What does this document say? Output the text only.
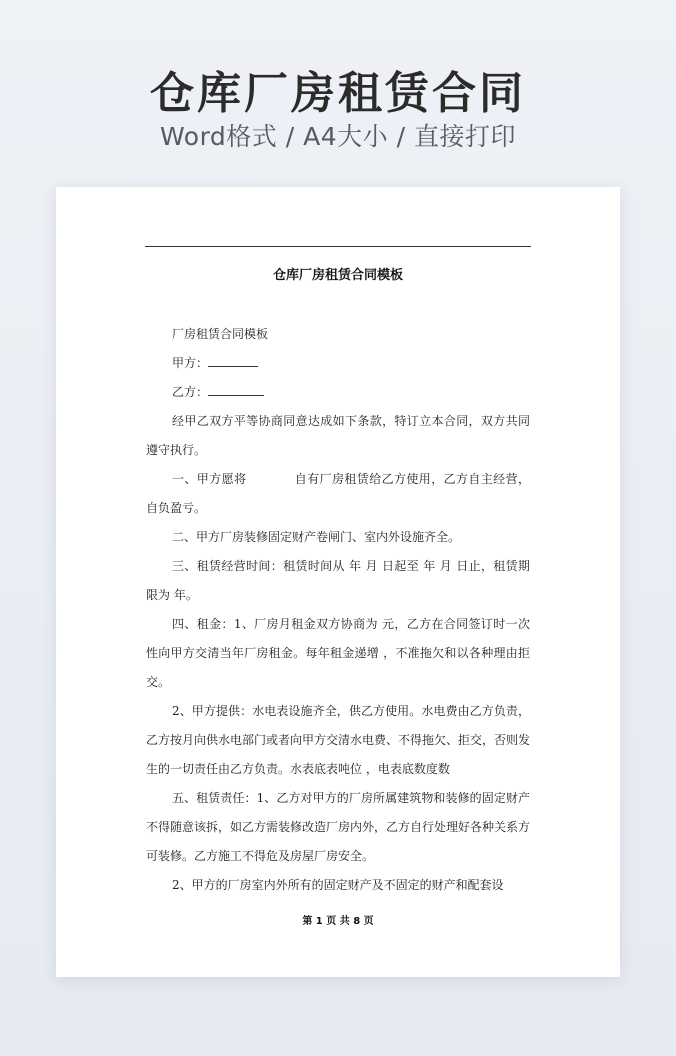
仓库厂房租赁合同
Word格式 / A4大小 / 直接打印
仓库厂房租赁合同模板

厂房租赁合同模板

甲方：

乙方：

经甲乙双方平等协商同意达成如下条款，特订立本合同，双方共同遵守执行。

一、甲方愿将	自有厂房租赁给乙方使用，乙方自主经营，自负盈亏。

二、甲方厂房装修固定财产卷闸门、室内外设施齐全。

三、租赁经营时间：租赁时间从 年 月 日起至 年 月 日止，租赁期限为 年。

四、租金：1、厂房月租金双方协商为 元，乙方在合同签订时一次性向甲方交清当年厂房租金。每年租金递增 ，不准拖欠和以各种理由拒交。

2、甲方提供：水电表设施齐全，供乙方使用。水电费由乙方负责，乙方按月向供水电部门或者向甲方交清水电费、不得拖欠、拒交，否则发生的一切责任由乙方负责。水表底表吨位 ，电表底数度数

五、租赁责任：1、乙方对甲方的厂房所属建筑物和装修的固定财产不得随意该拆，如乙方需装修改造厂房内外，乙方自行处理好各种关系方可装修。乙方施工不得危及房屋厂房安全。

2、甲方的厂房室内外所有的固定财产及不固定的财产和配套设

第 1 页 共 8 页
